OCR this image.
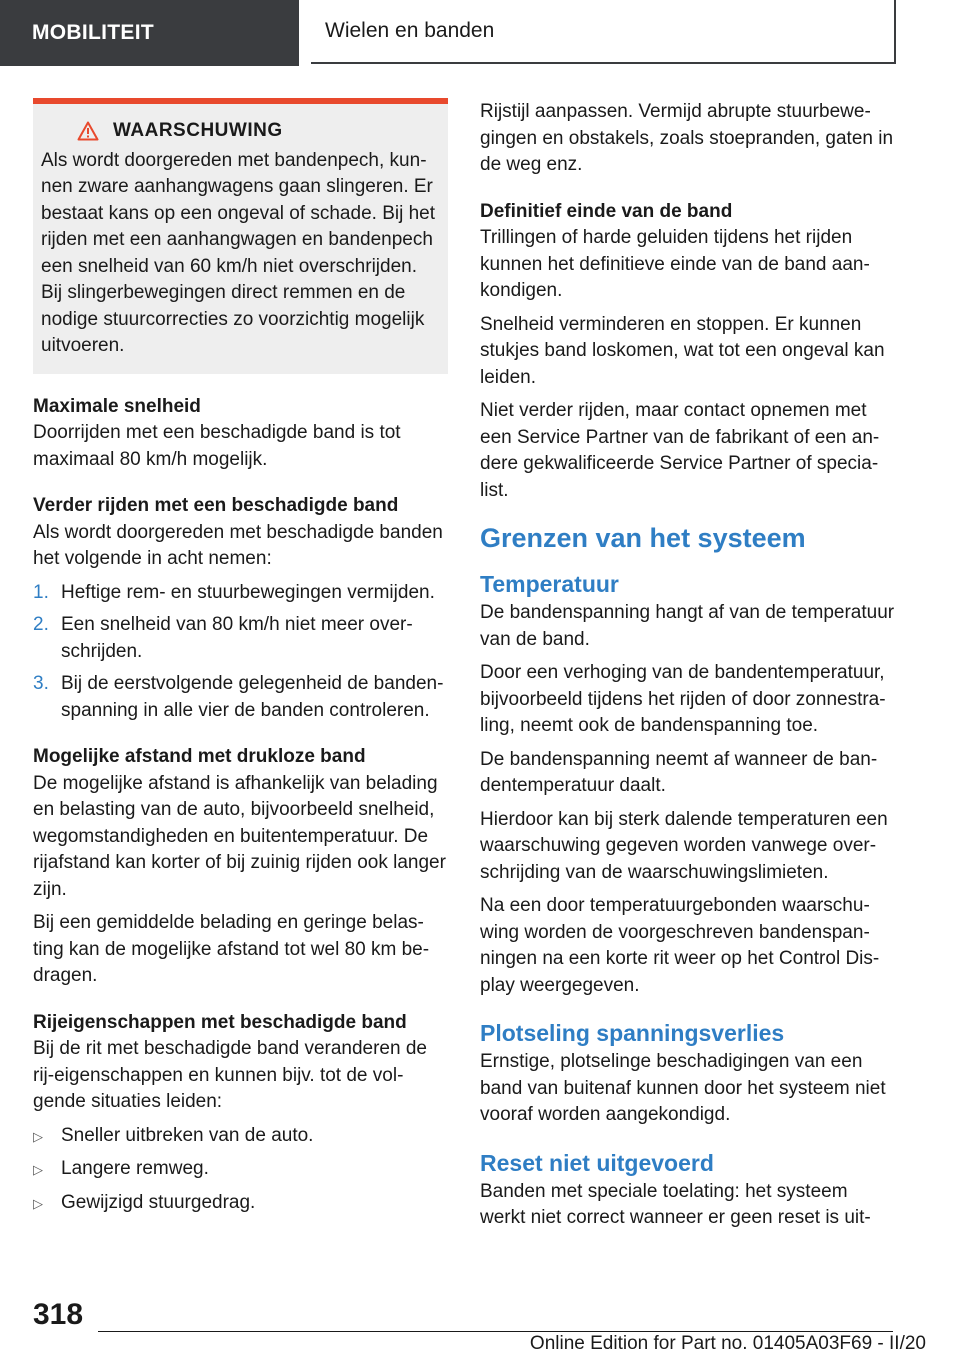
MOBILITEIT	Wielen en banden
WAARSCHUWING

Als wordt doorgereden met bandenpech, kunnen zware aanhangwagens gaan slingeren. Er bestaat kans op een ongeval of schade. Bij het rijden met een aanhangwagen en bandenpech een snelheid van 60 km/h niet overschrijden. Bij slingerbewegingen direct remmen en de nodige stuurcorrecties zo voorzichtig mogelijk uitvoeren.

Maximale snelheid

Doorrijden met een beschadigde band is tot maximaal 80 km/h mogelijk.

Verder rijden met een beschadigde band

Als wordt doorgereden met beschadigde banden het volgende in acht nemen:

1. Heftige rem- en stuurbewegingen vermijden.
2. Een snelheid van 80 km/h niet meer overschrijden.
3. Bij de eerstvolgende gelegenheid de bandenspanning in alle vier de banden controleren.
Mogelijke afstand met drukloze band

De mogelijke afstand is afhankelijk van belading en belasting van de auto, bijvoorbeeld snelheid, wegomstandigheden en buitentemperatuur. De rijafstand kan korter of bij zuinig rijden ook langer zijn.

Bij een gemiddelde belading en geringe belasting kan de mogelijke afstand tot wel 80 km bedragen.

Rijeigenschappen met beschadigde band

Bij de rit met beschadigde band veranderen de rij-eigenschappen en kunnen bijv. tot de volgende situaties leiden:

▷ Sneller uitbreken van de auto.
▷ Langere remweg.
▷ Gewijzigd stuurgedrag.

Rijstijl aanpassen. Vermijd abrupte stuurbewegingen en obstakels, zoals stoepranden, gaten in de weg enz.

Definitief einde van de band

Trillingen of harde geluiden tijdens het rijden kunnen het definitieve einde van de band aankondigen.

Snelheid verminderen en stoppen. Er kunnen stukjes band loskomen, wat tot een ongeval kan leiden.

Niet verder rijden, maar contact opnemen met een Service Partner van de fabrikant of een andere gekwalificeerde Service Partner of specialist.

Grenzen van het systeem
Temperatuur

De bandenspanning hangt af van de temperatuur van de band.

Door een verhoging van de bandentemperatuur, bijvoorbeeld tijdens het rijden of door zonnestraling, neemt ook de bandenspanning toe.

De bandenspanning neemt af wanneer de bandentemperatuur daalt.

Hierdoor kan bij sterk dalende temperaturen een waarschuwing gegeven worden vanwege overschrijding van de waarschuwingslimieten.

Na een door temperatuurgebonden waarschuwing worden de voorgeschreven bandenspanningen na een korte rit weer op het Control Display weergegeven.

Plotseling spanningsverlies

Ernstige, plotselinge beschadigingen van een band van buitenaf kunnen door het systeem niet vooraf worden aangekondigd.

Reset niet uitgevoerd

Banden met speciale toelating: het systeem werkt niet correct wanneer er geen reset is uit-

318
Online Edition for Part no. 01405A03F69 - II/20
